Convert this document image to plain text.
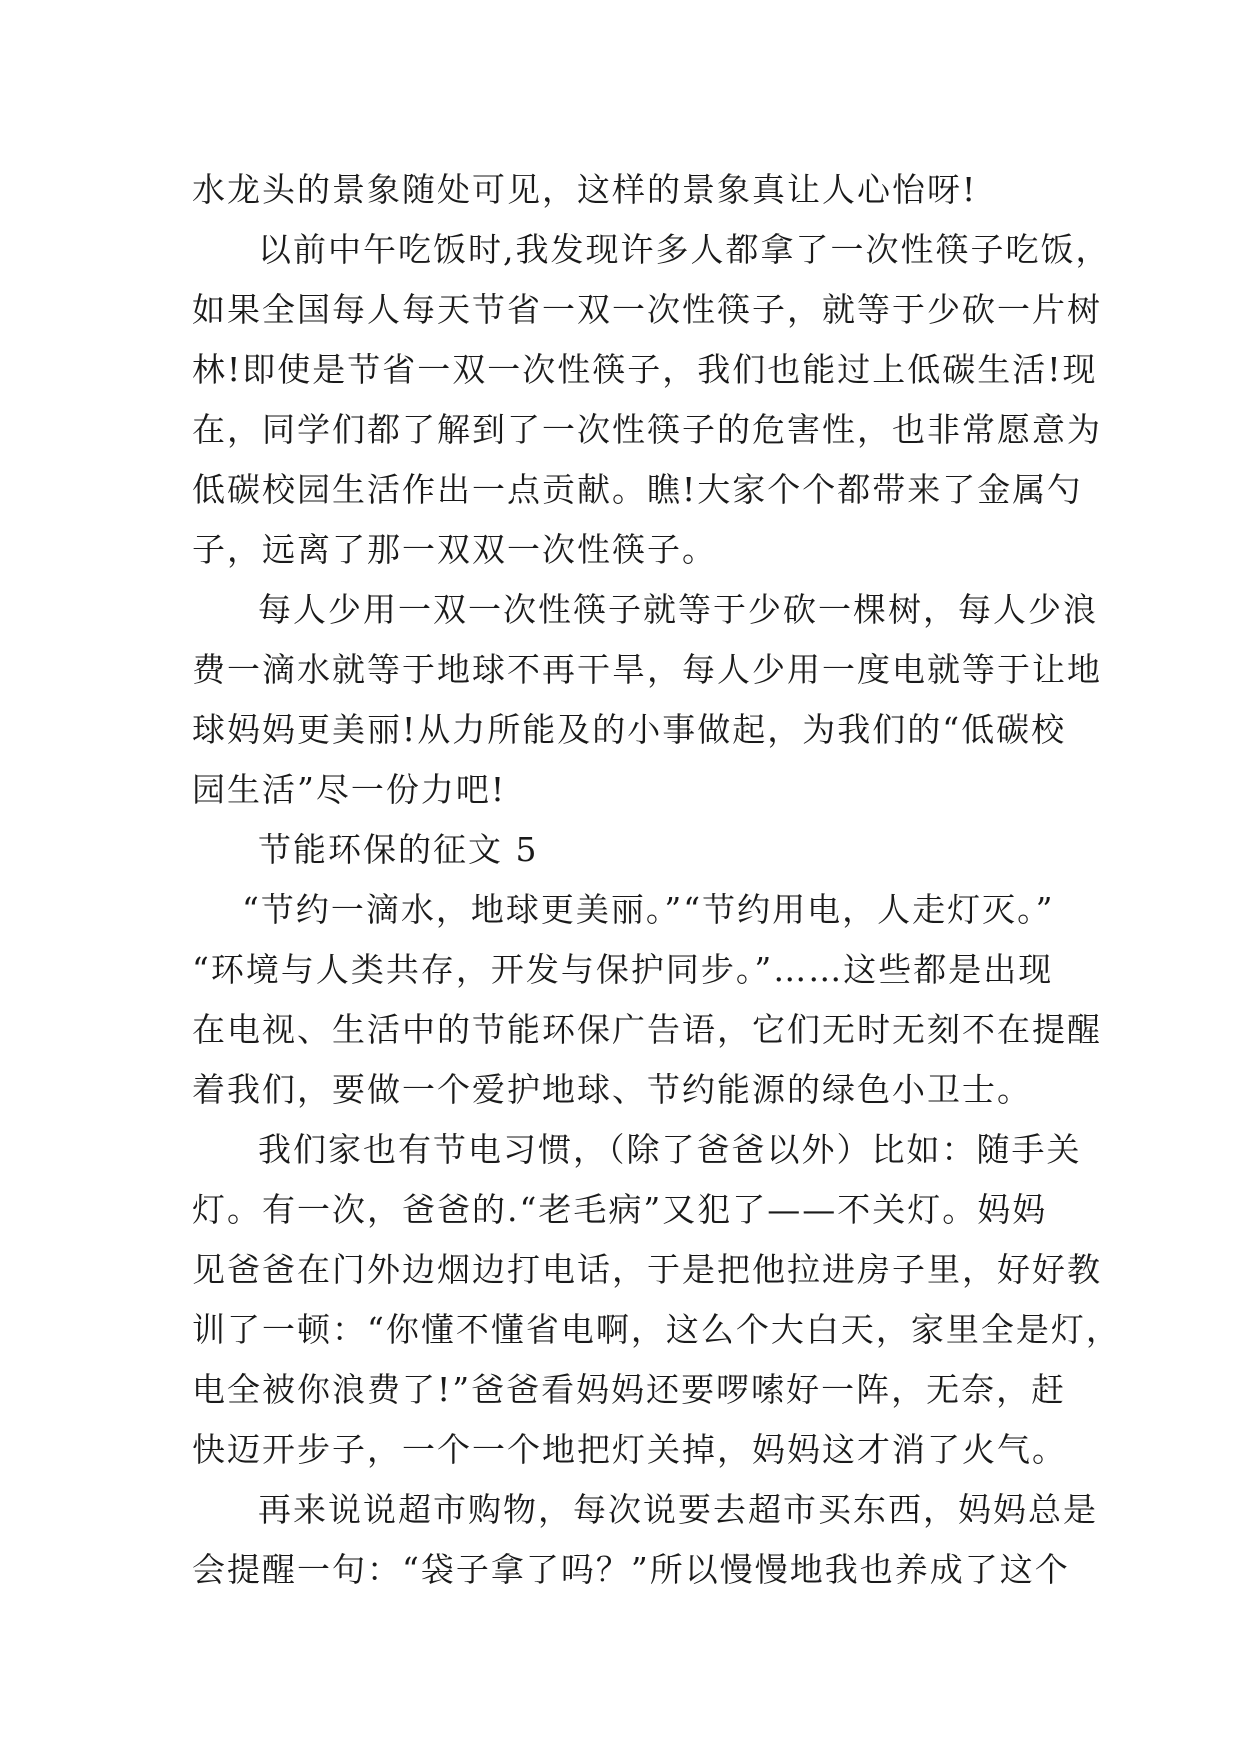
水龙头的景象随处可见，这样的景象真让人心怡呀!
以前中午吃饭时,我发现许多人都拿了一次性筷子吃饭，
如果全国每人每天节省一双一次性筷子，就等于少砍一片树
林!即使是节省一双一次性筷子，我们也能过上低碳生活!现
在，同学们都了解到了一次性筷子的危害性，也非常愿意为
低碳校园生活作出一点贡献。瞧!大家个个都带来了金属勺
子，远离了那一双双一次性筷子。
每人少用一双一次性筷子就等于少砍一棵树，每人少浪
费一滴水就等于地球不再干旱，每人少用一度电就等于让地
球妈妈更美丽!从力所能及的小事做起，为我们的“低碳校
园生活”尽一份力吧!
节能环保的征文 5
“节约一滴水，地球更美丽。”“节约用电，人走灯灭。”
“环境与人类共存，开发与保护同步。”……这些都是出现
在电视、生活中的节能环保广告语，它们无时无刻不在提醒
着我们，要做一个爱护地球、节约能源的绿色小卫士。
我们家也有节电习惯，（除了爸爸以外）比如：随手关
灯。有一次，爸爸的.“老毛病”又犯了——不关灯。妈妈
见爸爸在门外边烟边打电话，于是把他拉进房子里，好好教
训了一顿：“你懂不懂省电啊，这么个大白天，家里全是灯，
电全被你浪费了!”爸爸看妈妈还要啰嗦好一阵，无奈，赶
快迈开步子，一个一个地把灯关掉，妈妈这才消了火气。
再来说说超市购物，每次说要去超市买东西，妈妈总是
会提醒一句：“袋子拿了吗？”所以慢慢地我也养成了这个
